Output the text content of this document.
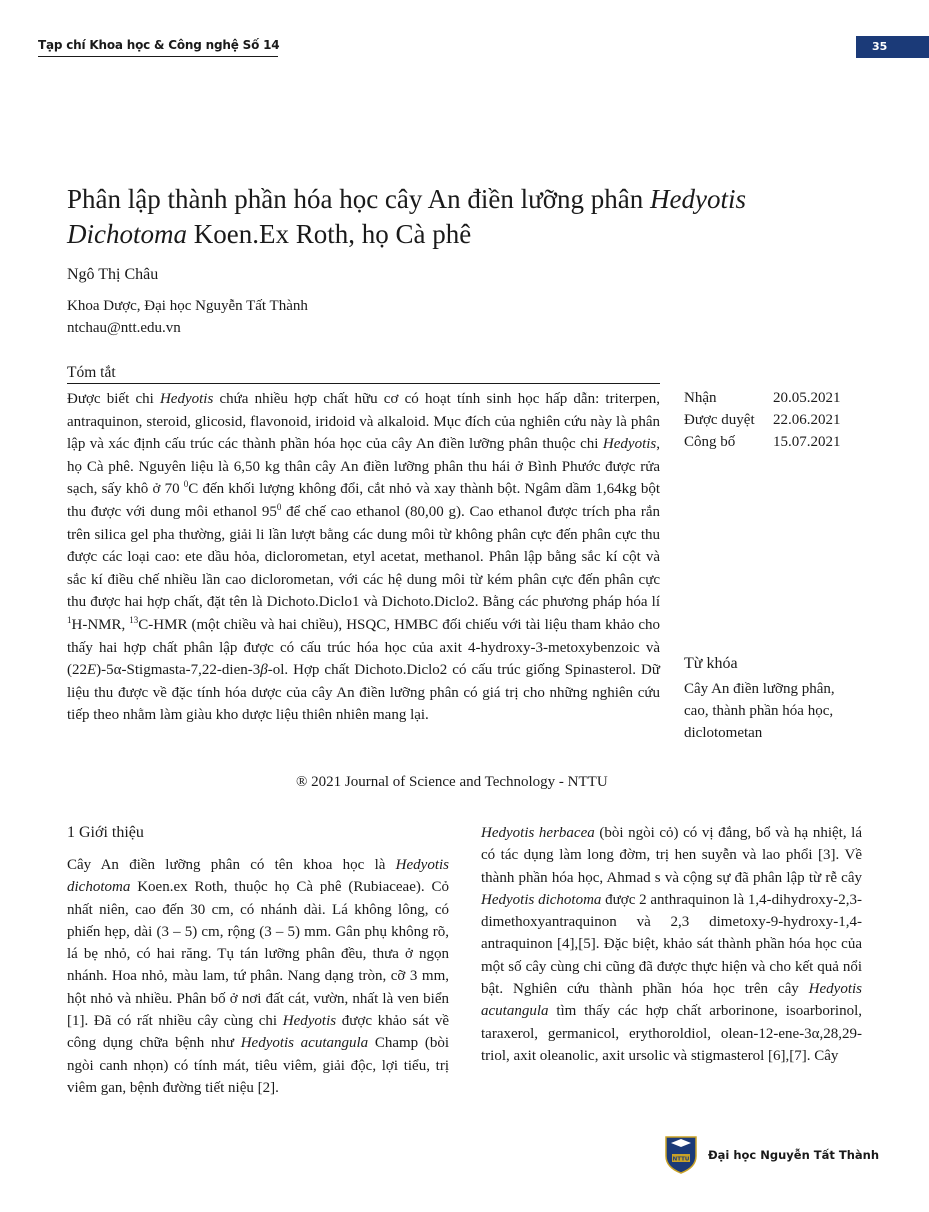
Tạp chí Khoa học & Công nghệ Số 14	35
Phân lập thành phần hóa học cây An điền lưỡng phân Hedyotis Dichotoma Koen.Ex Roth, họ Cà phê
Ngô Thị Châu
Khoa Dược, Đại học Nguyễn Tất Thành
ntchau@ntt.edu.vn
Tóm tắt

Được biết chi Hedyotis chứa nhiều hợp chất hữu cơ có hoạt tính sinh học hấp dẫn: triterpen, antraquinon, steroid, glicosid, flavonoid, iridoid và alkaloid. Mục đích của nghiên cứu này là phân lập và xác định cấu trúc các thành phần hóa học của cây An điền lưỡng phân thuộc chi Hedyotis, họ Cà phê. Nguyên liệu là 6,50 kg thân cây An điền lưỡng phân thu hái ở Bình Phước được rửa sạch, sấy khô ở 70 $^0$C đến khối lượng không đổi, cắt nhỏ và xay thành bột. Ngâm dầm 1,64kg bột thu được với dung môi ethanol $95^0$ để chế cao ethanol (80,00 g). Cao ethanol được trích pha rắn trên silica gel pha thường, giải li lần lượt bằng các dung môi từ không phân cực đến phân cực thu được các loại cao: ete dầu hỏa, diclorometan, etyl acetat, methanol. Phân lập bằng sắc kí cột và sắc kí điều chế nhiều lần cao diclorometan, với các hệ dung môi từ kém phân cực đến phân cực thu được hai hợp chất, đặt tên là Dichoto.Diclo1 và Dichoto.Diclo2. Bằng các phương pháp hóa lí $^1$H-NMR, $^{13}$C-HMR (một chiều và hai chiều), HSQC, HMBC đối chiếu với tài liệu tham khảo cho thấy hai hợp chất phân lập được có cấu trúc hóa học của axit 4-hydroxy-3-metoxybenzoic và (22E)-5α-Stigmasta-7,22-dien-3β-ol. Hợp chất Dichoto.Diclo2 có cấu trúc giống Spinasterol. Dữ liệu thu được về đặc tính hóa dược của cây An điền lưỡng phân có giá trị cho những nghiên cứu tiếp theo nhằm làm giàu kho dược liệu thiên nhiên mang lại.

® 2021 Journal of Science and Technology - NTTU
Nhận	20.05.2021
Được duyệt	22.06.2021
Công bố	15.07.2021
Từ khóa
Cây An điền lưỡng phân, cao, thành phần hóa học, diclotometan
1 Giới thiệu

Cây An điền lưỡng phân có tên khoa học là Hedyotis dichotoma Koen.ex Roth, thuộc họ Cà phê (Rubiaceae). Cỏ nhất niên, cao đến 30 cm, có nhánh dài. Lá không lông, có phiến hẹp, dài (3 – 5) cm, rộng (3 – 5) mm. Gân phụ không rõ, lá bẹ nhỏ, có hai răng. Tụ tán lưỡng phân đều, thưa ở ngọn nhánh. Hoa nhỏ, màu lam, tứ phân. Nang dạng tròn, cỡ 3 mm, hột nhỏ và nhiều. Phân bố ở nơi đất cát, vườn, nhất là ven biển [1]. Đã có rất nhiều cây cùng chi Hedyotis được khảo sát về công dụng chữa bệnh như Hedyotis acutangula Champ (bòi ngòi canh nhọn) có tính mát, tiêu viêm, giải độc, lợi tiểu, trị viêm gan, bệnh đường tiết niệu [2].

Hedyotis herbacea (bòi ngòi cỏ) có vị đắng, bổ và hạ nhiệt, lá có tác dụng làm long đờm, trị hen suyễn và lao phổi [3]. Về thành phần hóa học, Ahmad s và cộng sự đã phân lập từ rễ cây Hedyotis dichotoma được 2 anthraquinon là 1,4-dihydroxy-2,3-dimethoxyantraquinon và 2,3 dimetoxy-9-hydroxy-1,4-antraquinon [4],[5]. Đặc biệt, khảo sát thành phần hóa học của một số cây cùng chi cũng đã được thực hiện và cho kết quả nổi bật. Nghiên cứu thành phần hóa học trên cây Hedyotis acutangula tìm thấy các hợp chất arborinone, isoarborinol, taraxerol, germanicol, erythoroldiol, olean-12-ene-3α,28,29-triol, axit oleanolic, axit ursolic và stigmasterol [6],[7]. Cây

NTTU Đại học Nguyễn Tất Thành
